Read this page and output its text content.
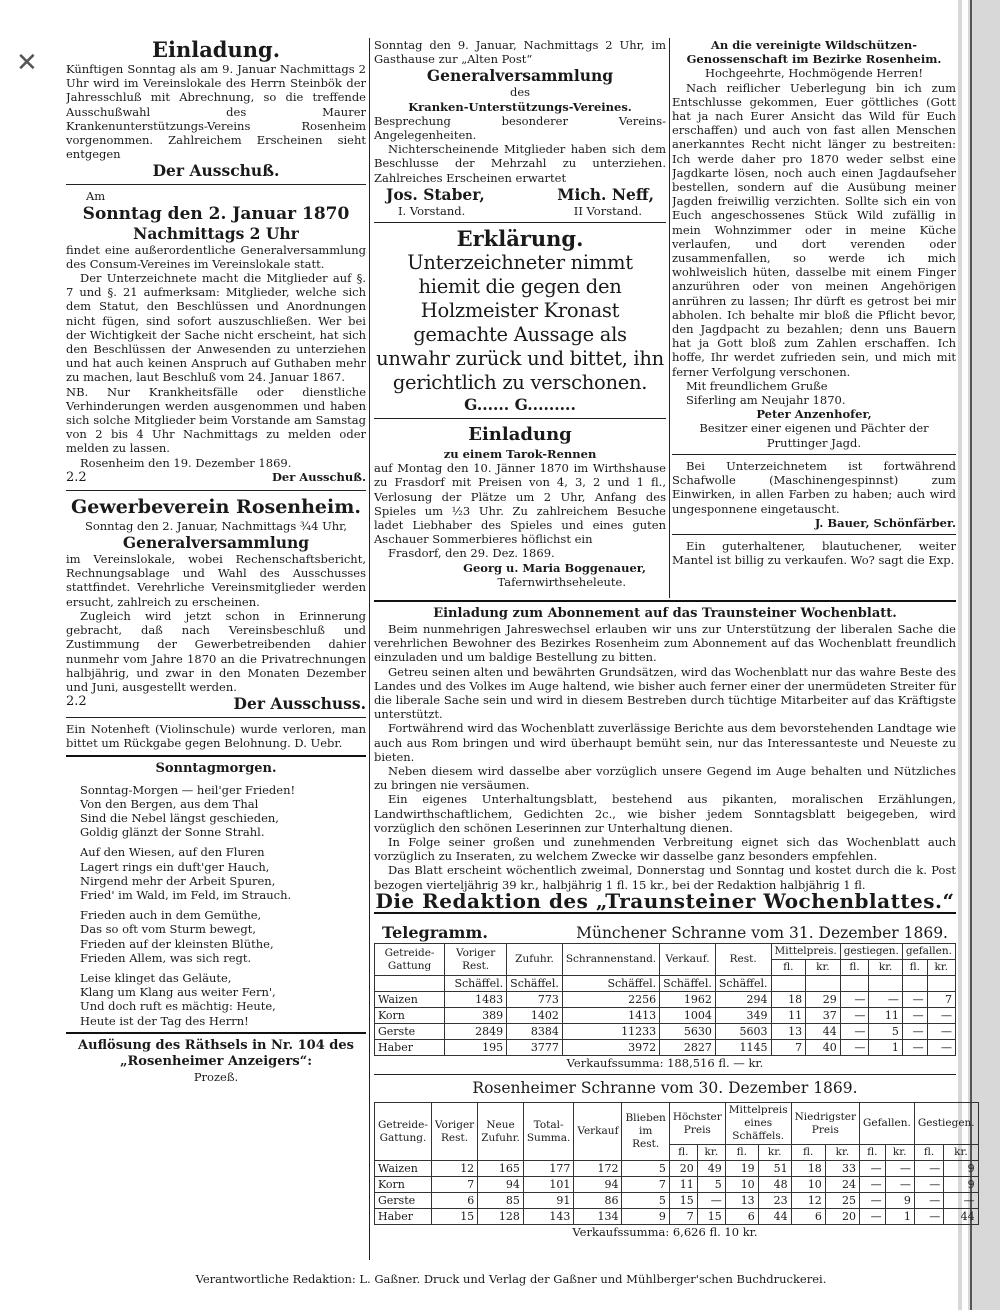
✕	Einladung.
Künftigen Sonntag als am 9. Januar Nachmittags 2 Uhr wird im Vereinslokale des Herrn Steinbök der Jahresschluß mit Abrechnung, so die treffende Ausschußwahl des Maurer Krankenunterstützungs-Vereins Rosenheim vorgenommen. Zahlreichem Erscheinen sieht entgegen
Der Ausschuß.
Am
Sonntag den 2. Januar 1870
Nachmittags 2 Uhr
findet eine außerordentliche Generalversammlung des Consum-Vereines im Vereinslokale statt.
Der Unterzeichnete macht die Mitglieder auf §. 7 und §. 21 aufmerksam: Mitglieder, welche sich dem Statut, den Beschlüssen und Anordnungen nicht fügen, sind sofort auszuschließen. Wer bei der Wichtigkeit der Sache nicht erscheint, hat sich den Beschlüssen der Anwesenden zu unterziehen und hat auch keinen Anspruch auf Guthaben mehr zu machen, laut Beschluß vom 24. Januar 1867.
NB. Nur Krankheitsfälle oder dienstliche Verhinderungen werden ausgenommen und haben sich solche Mitglieder beim Vorstande am Samstag von 2 bis 4 Uhr Nachmittags zu melden oder melden zu lassen.
Rosenheim den 19. Dezember 1869.
2.2	Der Ausschuß.
Gewerbeverein Rosenheim.
Sonntag den 2. Januar, Nachmittags ¾4 Uhr,
Generalversammlung
im Vereinslokale, wobei Rechenschaftsbericht, Rechnungsablage und Wahl des Ausschusses stattfindet. Verehrliche Vereinsmitglieder werden ersucht, zahlreich zu erscheinen.
Zugleich wird jetzt schon in Erinnerung gebracht, daß nach Vereinsbeschluß und Zustimmung der Gewerbetreibenden dahier nunmehr vom Jahre 1870 an die Privatrechnungen halbjährig, und zwar in den Monaten Dezember und Juni, ausgestellt werden.
2.2	Der Ausschuss.
Ein Notenheft (Violinschule) wurde verloren, man bittet um Rückgabe gegen Belohnung. D. Uebr.
Sonntagmorgen.

Sonntag-Morgen — heil'ger Frieden!

Von den Bergen, aus dem Thal

Sind die Nebel längst geschieden,

Goldig glänzt der Sonne Strahl.

Auf den Wiesen, auf den Fluren

Lagert rings ein duft'ger Hauch,

Nirgend mehr der Arbeit Spuren,

Fried' im Wald, im Feld, im Strauch.

Frieden auch in dem Gemüthe,

Das so oft vom Sturm bewegt,

Frieden auf der kleinsten Blüthe,

Frieden Allem, was sich regt.

Leise klinget das Geläute,

Klang um Klang aus weiter Fern',

Und doch ruft es mächtig: Heute,

Heute ist der Tag des Herrn!

Auflösung des Räthsels in Nr. 104 des „Rosenheimer Anzeigers“:
Prozeß.
Sonntag den 9. Januar, Nachmittags 2 Uhr, im Gasthause zur „Alten Post“
Generalversammlung
des
Kranken-Unterstützungs-Vereines.
Besprechung besonderer Vereins-Angelegenheiten.
Nichterscheinende Mitglieder haben sich dem Beschlusse der Mehrzahl zu unterziehen. Zahlreiches Erscheinen erwartet
Jos. Staber,	Mich. Neff,
I. Vorstand.	II Vorstand.
Erklärung.
Unterzeichneter nimmt hiemit die gegen den Holzmeister Kronast gemachte Aussage als unwahr zurück und bittet, ihn gerichtlich zu verschonen.
G...... G.........
Einladung
zu einem Tarok-Rennen
auf Montag den 10. Jänner 1870 im Wirthshause zu Frasdorf mit Preisen von 4, 3, 2 und 1 fl., Verlosung der Plätze um 2 Uhr, Anfang des Spieles um ½3 Uhr. Zu zahlreichem Besuche ladet Liebhaber des Spieles und eines guten Aschauer Sommerbieres höflichst ein
Frasdorf, den 29. Dez. 1869.
Georg u. Maria Boggenauer,
Tafernwirthseheleute.
An die vereinigte Wildschützen-Genossenschaft im Bezirke Rosenheim.
Hochgeehrte, Hochmögende Herren!
Nach reiflicher Ueberlegung bin ich zum Entschlusse gekommen, Euer göttliches (Gott hat ja nach Eurer Ansicht das Wild für Euch erschaffen) und auch von fast allen Menschen anerkanntes Recht nicht länger zu bestreiten: Ich werde daher pro 1870 weder selbst eine Jagdkarte lösen, noch auch einen Jagdaufseher bestellen, sondern auf die Ausübung meiner Jagden freiwillig verzichten. Sollte sich ein von Euch angeschossenes Stück Wild zufällig in mein Wohnzimmer oder in meine Küche verlaufen, und dort verenden oder zusammenfallen, so werde ich mich wohlweislich hüten, dasselbe mit einem Finger anzurühren oder von meinen Angehörigen anrühren zu lassen; Ihr dürft es getrost bei mir abholen. Ich behalte mir bloß die Pflicht bevor, den Jagdpacht zu bezahlen; denn uns Bauern hat ja Gott bloß zum Zahlen erschaffen. Ich hoffe, Ihr werdet zufrieden sein, und mich mit ferner Verfolgung verschonen.
Mit freundlichem Gruße
Siferling am Neujahr 1870.
Peter Anzenhofer,
Besitzer einer eigenen und Pächter der Pruttinger Jagd.
Bei Unterzeichnetem ist fortwährend Schafwolle (Maschinengespinnst) zum Einwirken, in allen Farben zu haben; auch wird ungesponnene eingetauscht.
J. Bauer, Schönfärber.
Ein guterhaltener, blautuchener, weiter Mantel ist billig zu verkaufen. Wo? sagt die Exp.
Einladung zum Abonnement auf das Traunsteiner Wochenblatt.
Beim nunmehrigen Jahreswechsel erlauben wir uns zur Unterstützung der liberalen Sache die verehrlichen Bewohner des Bezirkes Rosenheim zum Abonnement auf das Wochenblatt freundlich einzuladen und um baldige Bestellung zu bitten.
Getreu seinen alten und bewährten Grundsätzen, wird das Wochenblatt nur das wahre Beste des Landes und des Volkes im Auge haltend, wie bisher auch ferner einer der unermüdeten Streiter für die liberale Sache sein und wird in diesem Bestreben durch tüchtige Mitarbeiter auf das Kräftigste unterstützt.
Fortwährend wird das Wochenblatt zuverlässige Berichte aus dem bevorstehenden Landtage wie auch aus Rom bringen und wird überhaupt bemüht sein, nur das Interessanteste und Neueste zu bieten.
Neben diesem wird dasselbe aber vorzüglich unsere Gegend im Auge behalten und Nützliches zu bringen nie versäumen.
Ein eigenes Unterhaltungsblatt, bestehend aus pikanten, moralischen Erzählungen, Landwirthschaftlichem, Gedichten 2c., wie bisher jedem Sonntagsblatt beigegeben, wird vorzüglich den schönen Leserinnen zur Unterhaltung dienen.
In Folge seiner großen und zunehmenden Verbreitung eignet sich das Wochenblatt auch vorzüglich zu Inseraten, zu welchem Zwecke wir dasselbe ganz besonders empfehlen.
Das Blatt erscheint wöchentlich zweimal, Donnerstag und Sonntag und kostet durch die k. Post bezogen vierteljährig 39 kr., halbjährig 1 fl. 15 kr., bei der Redaktion halbjährig 1 fl.
Die Redaktion des „Traunsteiner Wochenblattes.“
Telegramm.	Münchener Schranne vom 31. Dezember 1869.
Getreide-Gattung	Voriger Rest.	Zufuhr.	Schrannenstand.	Verkauf.	Rest.	Mittelpreis.		gestiegen.		gefallen.	
						fl.	kr.	fl.	kr.	fl.	kr.
	Schäffel.	Schäffel.	Schäffel.	Schäffel.	Schäffel.						
Waizen	1483	773	2256	1962	294	18	29	—	—	—	7
Korn	389	1402	1413	1004	349	11	37	—	11	—	—
Gerste	2849	8384	11233	5630	5603	13	44	—	5	—	—
Haber	195	3777	3972	2827	1145	7	40	—	1	—	—
Verkaufssumma: 188,516 fl. — kr.
Rosenheimer Schranne vom 30. Dezember 1869.
Getreide-Gattung.	Voriger Rest.	Neue Zufuhr.	Total-Summa.	Verkauf	Blieben im Rest.	Höchster Preis		Mittelpreis eines Schäffels.		Niedrigster Preis		Gefallen.		Gestiegen.	
						fl.	kr.	fl.	kr.	fl.	kr.	fl.	kr.	fl.	kr.
Waizen	12	165	177	172	5	20	49	19	51	18	33	—	—	—	9
Korn	7	94	101	94	7	11	5	10	48	10	24	—	—	—	9
Gerste	6	85	91	86	5	15	—	13	23	12	25	—	9	—	—
Haber	15	128	143	134	9	7	15	6	44	6	20	—	1	—	44
Verkaufssumma: 6,626 fl. 10 kr.
Verantwortliche Redaktion: L. Gaßner. Druck und Verlag der Gaßner und Mühlberger'schen Buchdruckerei.
